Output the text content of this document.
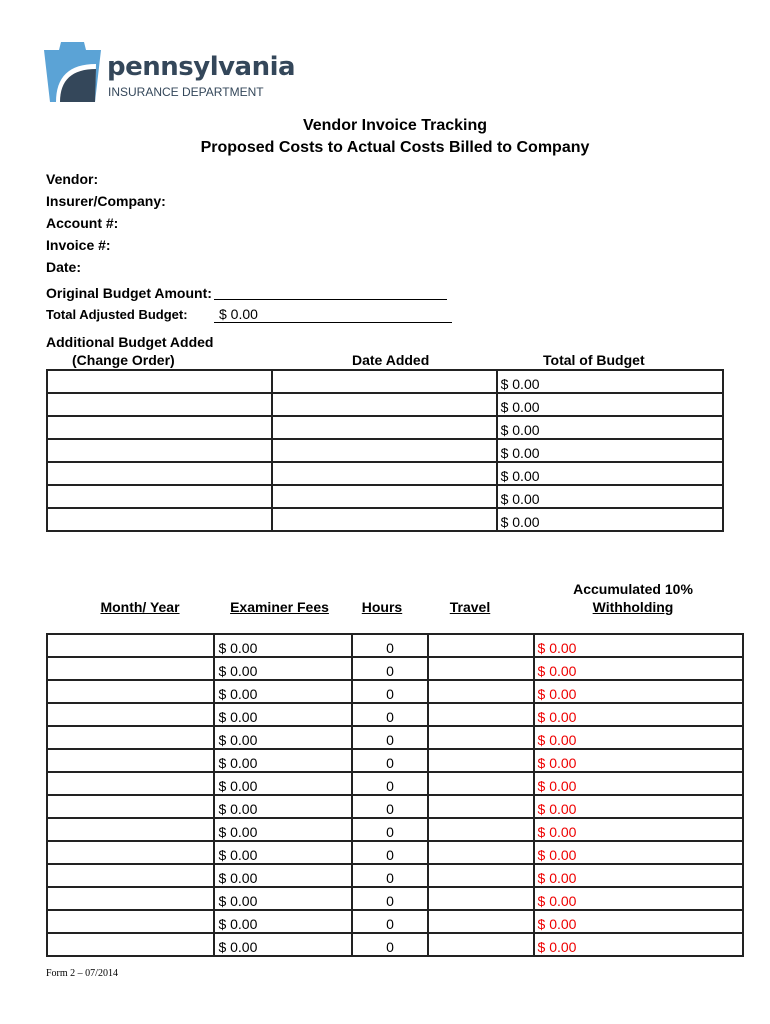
pennsylvania
INSURANCE DEPARTMENT
Vendor Invoice Tracking
Proposed Costs to Actual Costs Billed to Company
Vendor:
Insurer/Company:
Account #:
Invoice #:
Date:
Original Budget Amount:
Total Adjusted Budget:	$ 0.00
Additional Budget Added
(Change Order)	Date Added	Total of Budget
		$ 0.00
		$ 0.00
		$ 0.00
		$ 0.00
		$ 0.00
		$ 0.00
		$ 0.00
Month/ Year	Examiner Fees	Hours	Travel
Accumulated 10%
Withholding
	$ 0.00	0		$ 0.00
	$ 0.00	0		$ 0.00
	$ 0.00	0		$ 0.00
	$ 0.00	0		$ 0.00
	$ 0.00	0		$ 0.00
	$ 0.00	0		$ 0.00
	$ 0.00	0		$ 0.00
	$ 0.00	0		$ 0.00
	$ 0.00	0		$ 0.00
	$ 0.00	0		$ 0.00
	$ 0.00	0		$ 0.00
	$ 0.00	0		$ 0.00
	$ 0.00	0		$ 0.00
	$ 0.00	0		$ 0.00
Form 2 – 07/2014
